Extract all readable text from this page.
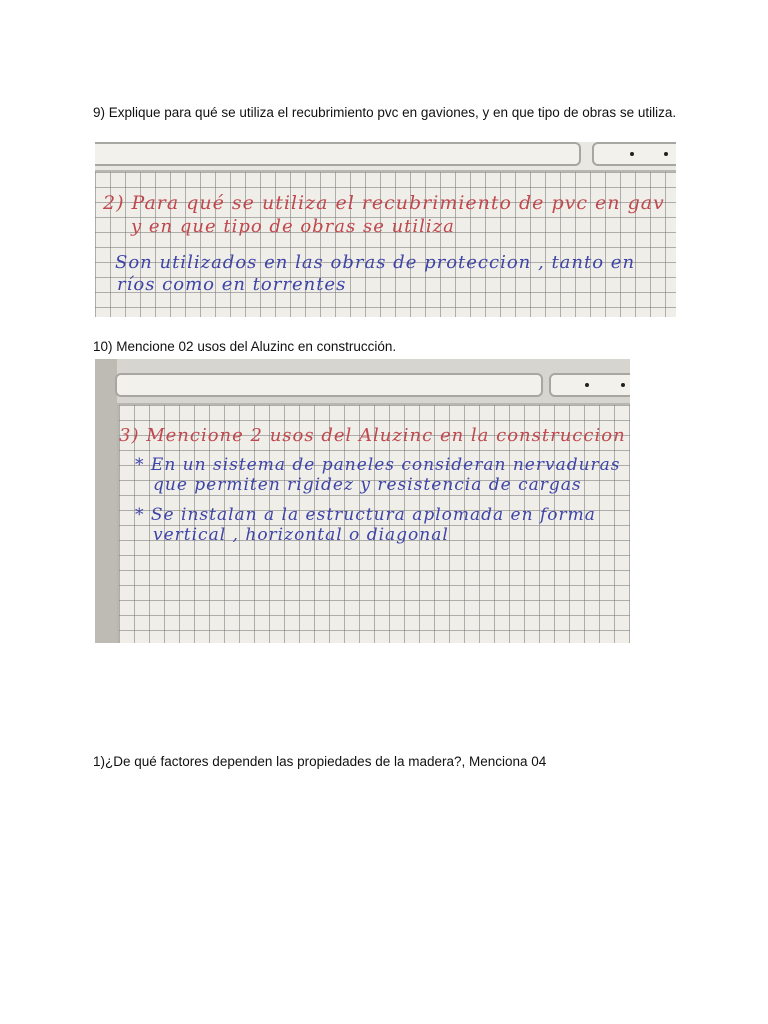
9) Explique para qué se utiliza el recubrimiento pvc en gaviones, y en que tipo de obras se utiliza.

2) Para qué se utiliza el recubrimiento de pvc en gav
y en que tipo de obras se utiliza
Son utilizados en las obras de proteccion , tanto en
ríos como en torrentes

10) Mencione 02 usos del Aluzinc en construcción.

3) Mencione 2 usos del Aluzinc en la construccion
* En un sistema de paneles consideran nervaduras
que permiten rigidez y resistencia de cargas
* Se instalan a la estructura aplomada en forma
vertical , horizontal o diagonal

1)¿De qué factores dependen las propiedades de la madera?, Menciona 04
